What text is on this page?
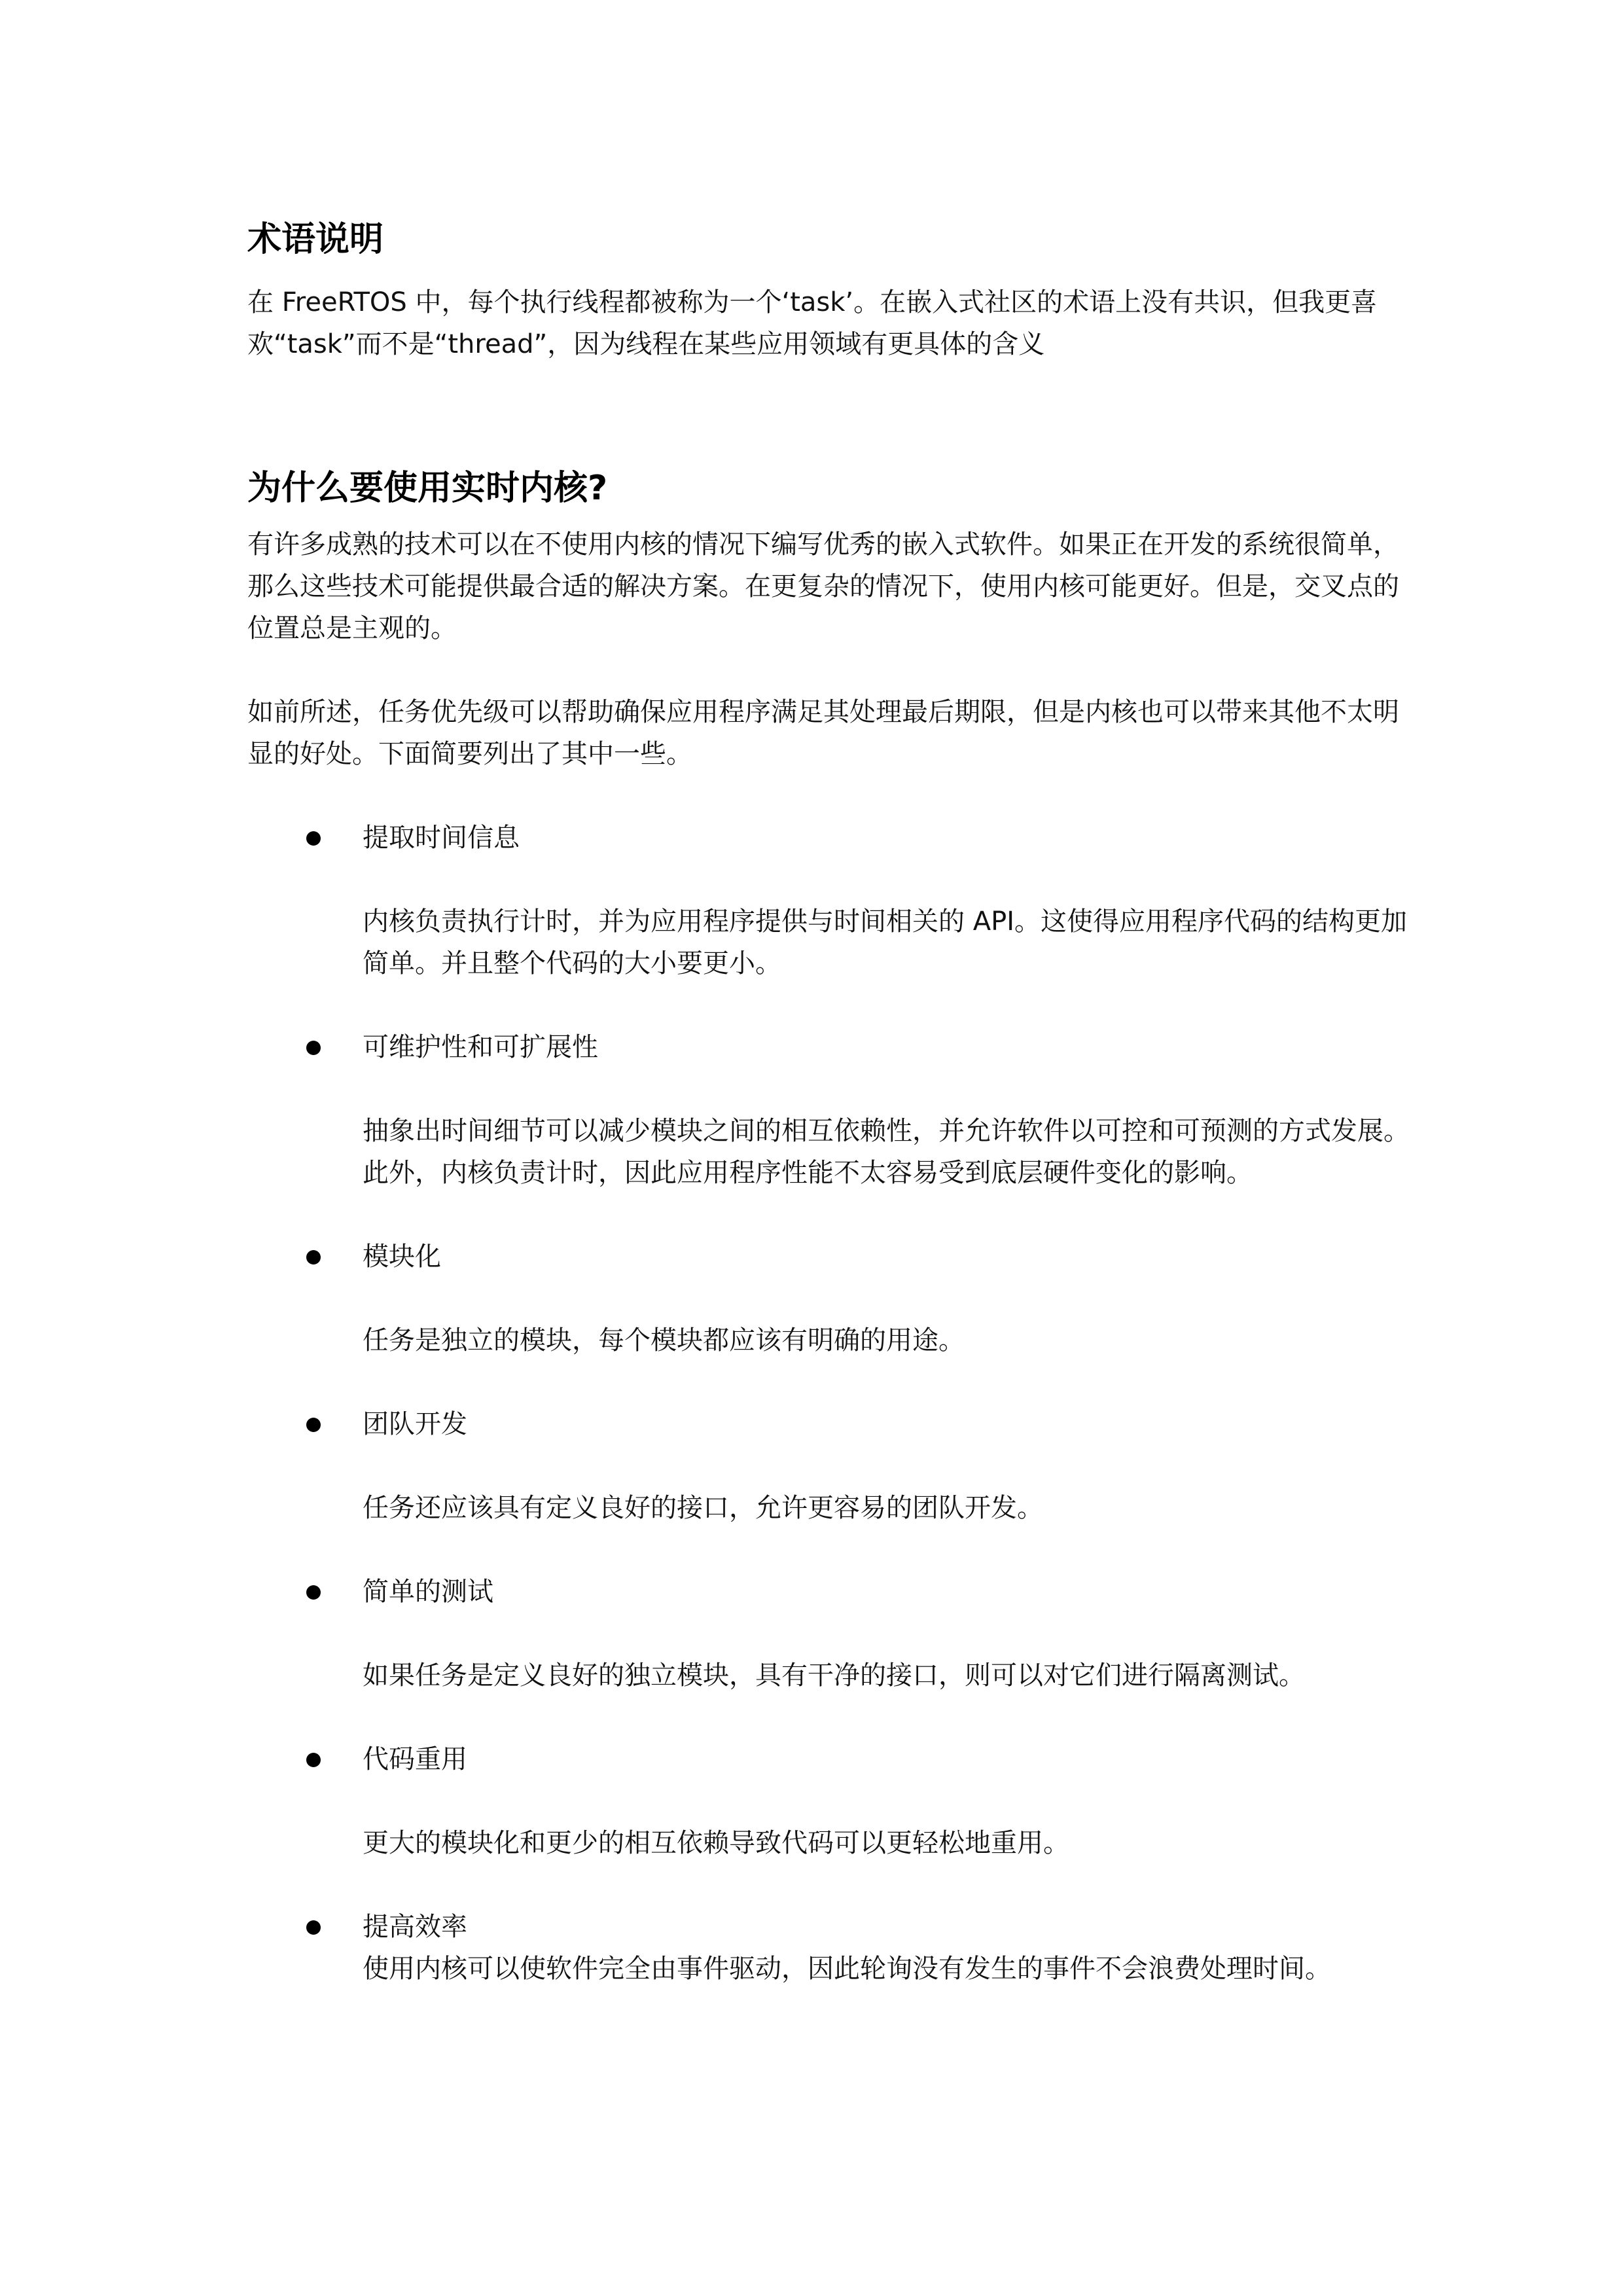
术语说明

在 FreeRTOS 中，每个执行线程都被称为一个‘task’。在嵌入式社区的术语上没有共识，但我更喜欢“task”而不是“thread”，因为线程在某些应用领域有更具体的含义

为什么要使用实时内核?

有许多成熟的技术可以在不使用内核的情况下编写优秀的嵌入式软件。如果正在开发的系统很简单，那么这些技术可能提供最合适的解决方案。在更复杂的情况下，使用内核可能更好。但是，交叉点的位置总是主观的。

如前所述，任务优先级可以帮助确保应用程序满足其处理最后期限，但是内核也可以带来其他不太明显的好处。下面简要列出了其中一些。

提取时间信息

内核负责执行计时，并为应用程序提供与时间相关的 API。这使得应用程序代码的结构更加简单。并且整个代码的大小要更小。

可维护性和可扩展性

抽象出时间细节可以减少模块之间的相互依赖性，并允许软件以可控和可预测的方式发展。此外，内核负责计时，因此应用程序性能不太容易受到底层硬件变化的影响。

模块化

任务是独立的模块，每个模块都应该有明确的用途。

团队开发

任务还应该具有定义良好的接口，允许更容易的团队开发。

简单的测试

如果任务是定义良好的独立模块，具有干净的接口，则可以对它们进行隔离测试。

代码重用

更大的模块化和更少的相互依赖导致代码可以更轻松地重用。

提高效率

使用内核可以使软件完全由事件驱动，因此轮询没有发生的事件不会浪费处理时间。
